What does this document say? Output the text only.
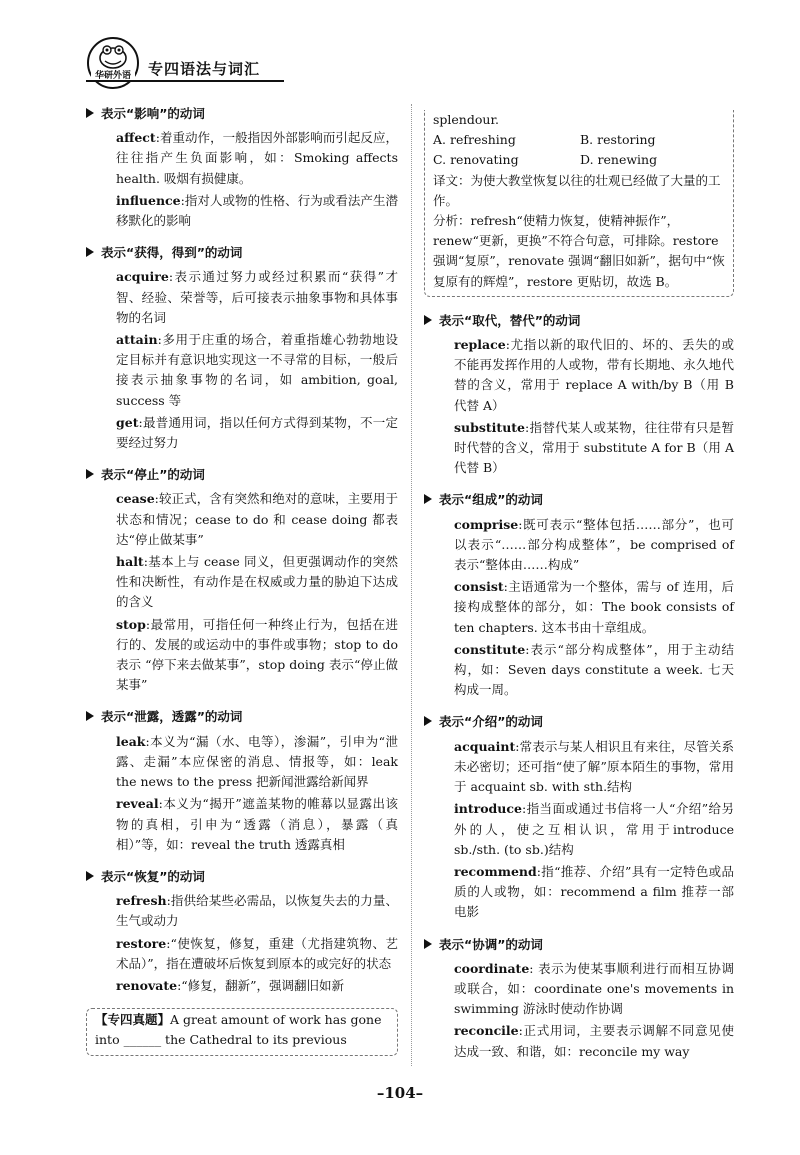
华研外语 专四语法与词汇
表示“影响”的动词
affect:着重动作，一般指因外部影响而引起反应，往往指产生负面影响，如：Smoking affects health. 吸烟有损健康。
influence:指对人或物的性格、行为或看法产生潜移默化的影响
表示“获得，得到”的动词
acquire:表示通过努力或经过积累而“获得”才智、经验、荣誉等，后可接表示抽象事物和具体事物的名词
attain:多用于庄重的场合，着重指雄心勃勃地设定目标并有意识地实现这一不寻常的目标，一般后接表示抽象事物的名词，如 ambition, goal, success 等
get:最普通用词，指以任何方式得到某物，不一定要经过努力
表示“停止”的动词
cease:较正式，含有突然和绝对的意味，主要用于状态和情况；cease to do 和 cease doing 都表达“停止做某事”
halt:基本上与 cease 同义，但更强调动作的突然性和决断性，有动作是在权威或力量的胁迫下达成的含义
stop:最常用，可指任何一种终止行为，包括在进行的、发展的或运动中的事件或事物；stop to do 表示 “停下来去做某事”，stop doing 表示“停止做某事”
表示“泄露，透露”的动词
leak:本义为“漏（水、电等），渗漏”，引申为“泄露、走漏”本应保密的消息、情报等，如：leak the news to the press 把新闻泄露给新闻界
reveal:本义为“揭开”遮盖某物的帷幕以显露出该物的真相，引申为“透露（消息），暴露（真相）”等，如：reveal the truth 透露真相
表示“恢复”的动词
refresh:指供给某些必需品，以恢复失去的力量、生气或动力
restore:“使恢复，修复，重建（尤指建筑物、艺术品）”，指在遭破坏后恢复到原本的或完好的状态
renovate:“修复，翻新”，强调翻旧如新
【专四真题】A great amount of work has gone into ______ the Cathedral to its previous
splendour.
A. refreshing	B. restoring
C. renovating	D. renewing
译文：为使大教堂恢复以往的壮观已经做了大量的工作。
分析：refresh“使精力恢复，使精神振作”，renew“更新，更换”不符合句意，可排除。restore 强调“复原”，renovate 强调“翻旧如新”，据句中“恢复原有的辉煌”，restore 更贴切，故选 B。
表示“取代，替代”的动词
replace:尤指以新的取代旧的、坏的、丢失的或不能再发挥作用的人或物，带有长期地、永久地代替的含义，常用于 replace A with/by B（用 B 代替 A）
substitute:指替代某人或某物，往往带有只是暂时代替的含义，常用于 substitute A for B（用 A 代替 B）
表示“组成”的动词
comprise:既可表示“整体包括……部分”，也可以表示“……部分构成整体”，be comprised of 表示“整体由……构成”
consist:主语通常为一个整体，需与 of 连用，后接构成整体的部分，如：The book consists of ten chapters. 这本书由十章组成。
constitute:表示“部分构成整体”，用于主动结构，如：Seven days constitute a week. 七天构成一周。
表示“介绍”的动词
acquaint:常表示与某人相识且有来往，尽管关系未必密切；还可指“使了解”原本陌生的事物，常用于 acquaint sb. with sth.结构
introduce:指当面或通过书信将一人“介绍”给另外的人，使之互相认识，常用于introduce sb./sth. (to sb.)结构
recommend:指“推荐、介绍”具有一定特色或品质的人或物，如：recommend a film 推荐一部电影
表示“协调”的动词
coordinate: 表示为使某事顺利进行而相互协调或联合，如：coordinate one's movements in swimming 游泳时使动作协调
reconcile:正式用词，主要表示调解不同意见使达成一致、和谐，如：reconcile my way
–104–
